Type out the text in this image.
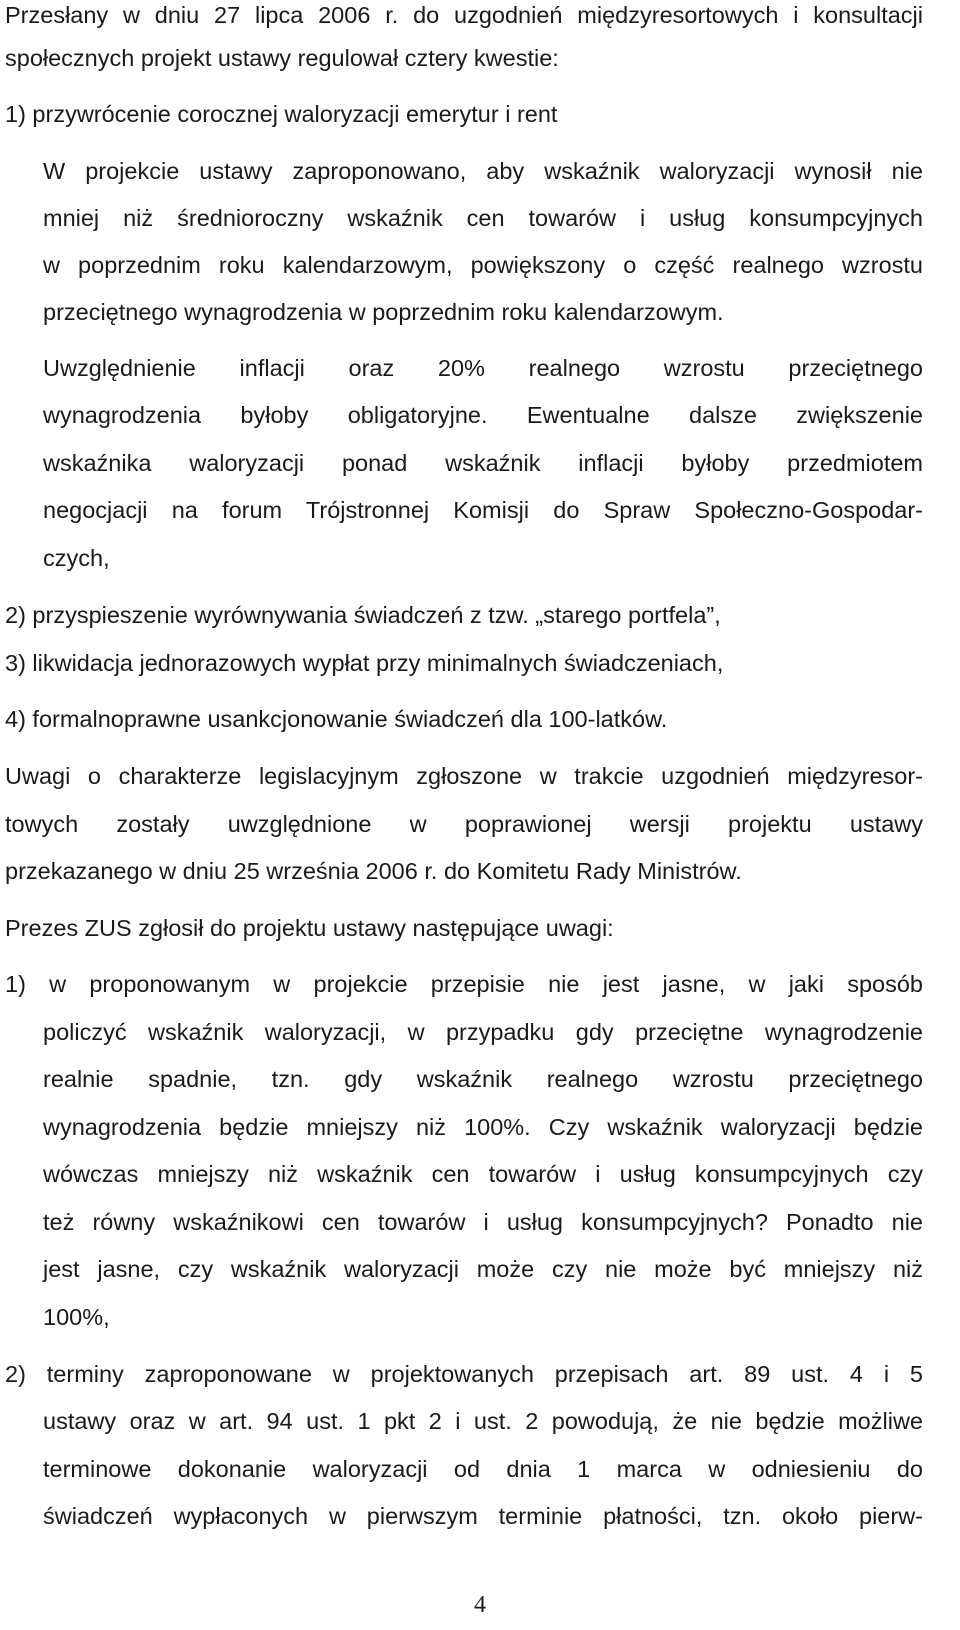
Przesłany w dniu 27 lipca 2006 r. do uzgodnień międzyresortowych i konsultacji

społecznych projekt ustawy regulował cztery kwestie:

1) przywrócenie corocznej waloryzacji emerytur i rent

W projekcie ustawy zaproponowano, aby wskaźnik waloryzacji wynosił nie

mniej niż średnioroczny wskaźnik cen towarów i usług konsumpcyjnych

w poprzednim roku kalendarzowym, powiększony o część realnego wzrostu

przeciętnego wynagrodzenia w poprzednim roku kalendarzowym.

Uwzględnienie inflacji oraz 20% realnego wzrostu przeciętnego

wynagrodzenia byłoby obligatoryjne. Ewentualne dalsze zwiększenie

wskaźnika waloryzacji ponad wskaźnik inflacji byłoby przedmiotem

negocjacji na forum Trójstronnej Komisji do Spraw Społeczno-Gospodar-

czych,

2) przyspieszenie wyrównywania świadczeń z tzw. „starego portfela”,

3) likwidacja jednorazowych wypłat przy minimalnych świadczeniach,

4) formalnoprawne usankcjonowanie świadczeń dla 100-latków.

Uwagi o charakterze legislacyjnym zgłoszone w trakcie uzgodnień międzyresor-

towych zostały uwzględnione w poprawionej wersji projektu ustawy

przekazanego w dniu 25 września 2006 r. do Komitetu Rady Ministrów.

Prezes ZUS zgłosił do projektu ustawy następujące uwagi:

1) w proponowanym w projekcie przepisie nie jest jasne, w jaki sposób

policzyć wskaźnik waloryzacji, w przypadku gdy przeciętne wynagrodzenie

realnie spadnie, tzn. gdy wskaźnik realnego wzrostu przeciętnego

wynagrodzenia będzie mniejszy niż 100%. Czy wskaźnik waloryzacji będzie

wówczas mniejszy niż wskaźnik cen towarów i usług konsumpcyjnych czy

też równy wskaźnikowi cen towarów i usług konsumpcyjnych? Ponadto nie

jest jasne, czy wskaźnik waloryzacji może czy nie może być mniejszy niż

100%,

2) terminy zaproponowane w projektowanych przepisach art. 89 ust. 4 i 5

ustawy oraz w art. 94 ust. 1 pkt 2 i ust. 2 powodują, że nie będzie możliwe

terminowe dokonanie waloryzacji od dnia 1 marca w odniesieniu do

świadczeń wypłaconych w pierwszym terminie płatności, tzn. około pierw-

4
